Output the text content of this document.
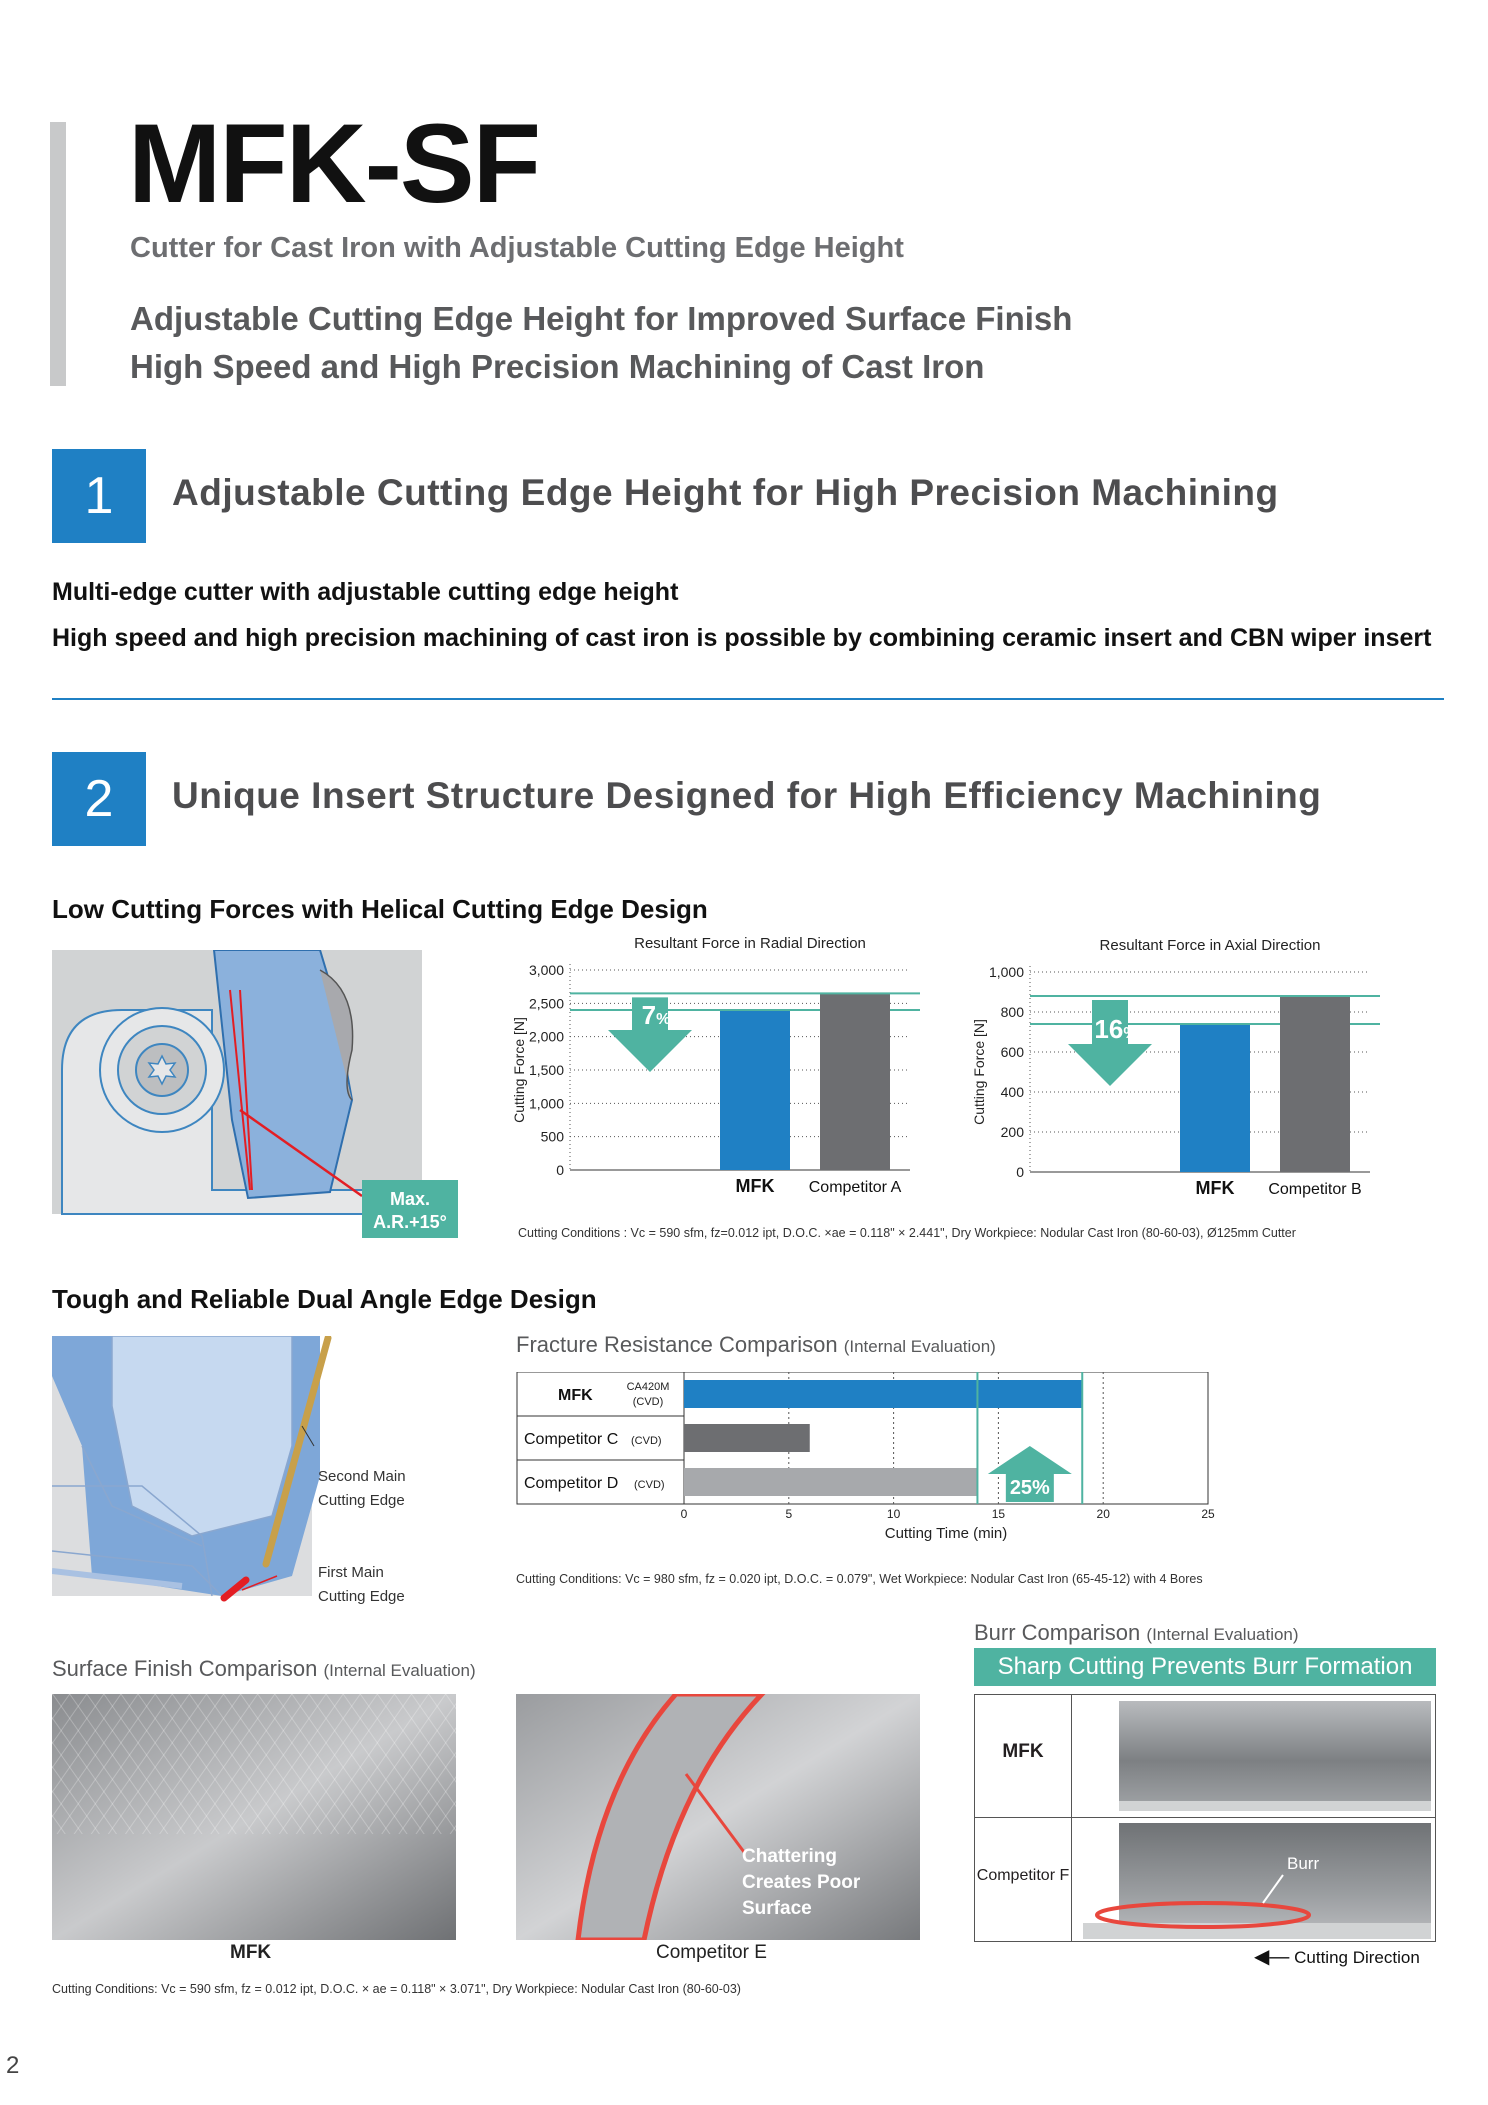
MFK-SF
Cutter for Cast Iron with Adjustable Cutting Edge Height
Adjustable Cutting Edge Height for Improved Surface Finish
High Speed and High Precision Machining of Cast Iron
1	Adjustable Cutting Edge Height for High Precision Machining
Multi-edge cutter with adjustable cutting edge height
High speed and high precision machining of cast iron is possible by combining ceramic insert and CBN wiper insert
2	Unique Insert Structure Designed for High Efficiency Machining
Low Cutting Forces with Helical Cutting Edge Design
Max.
A.R.+15°
Resultant Force in Radial Direction
Cutting Force [N]
0
500
1,000
1,500
2,000
2,500
3,000
MFK Competitor A
7%
Resultant Force in Axial Direction
Cutting Force [N]
0
200
400
600
800
1,000
MFK Competitor B
16%
Cutting Conditions : Vc = 590 sfm, fz=0.012 ipt, D.O.C. ×ae = 0.118" × 2.441", Dry Workpiece: Nodular Cast Iron (80-60-03), Ø125mm Cutter
Tough and Reliable Dual Angle Edge Design
Second Main
Cutting Edge
First Main
Cutting Edge
Fracture Resistance Comparison (Internal Evaluation)
0	5	10	15	20	25
Cutting Time (min)
MFK	CA420M
(CVD)
Competitor C (CVD)
Competitor D (CVD)	25%
Cutting Conditions: Vc = 980 sfm, fz = 0.020 ipt, D.O.C. = 0.079", Wet Workpiece: Nodular Cast Iron (65-45-12) with 4 Bores
Surface Finish Comparison (Internal Evaluation)
Chattering
Creates Poor
Surface
MFK	Competitor E
Cutting Conditions: Vc = 590 sfm, fz = 0.012 ipt, D.O.C. × ae = 0.118" × 3.071", Dry Workpiece: Nodular Cast Iron (80-60-03)
Burr Comparison (Internal Evaluation)
Sharp Cutting Prevents Burr Formation
MFK
Competitor F
Burr
◀— Cutting Direction
2
